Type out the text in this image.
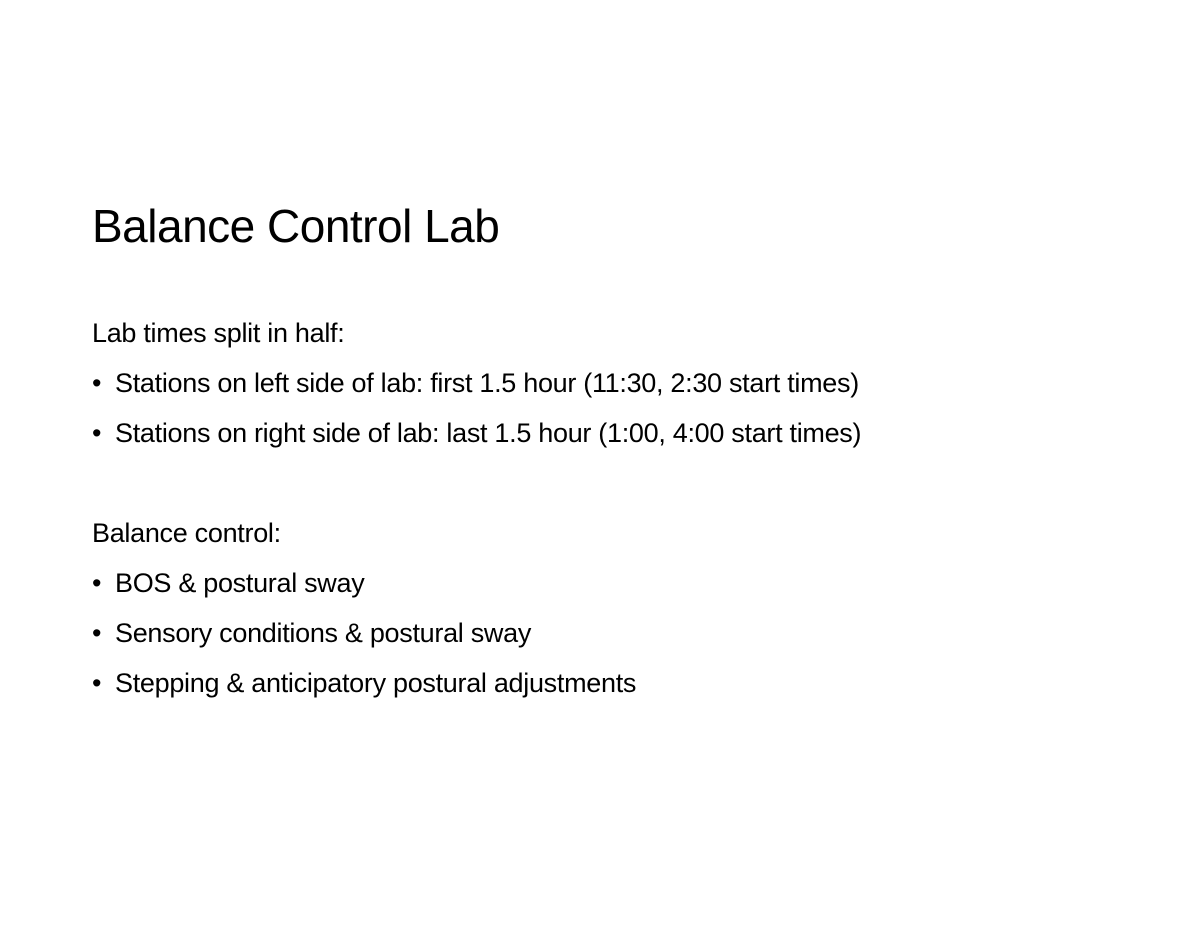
Balance Control Lab
Lab times split in half:
• Stations on left side of lab: first 1.5 hour (11:30, 2:30 start times)
• Stations on right side of lab: last 1.5 hour (1:00, 4:00 start times)
Balance control:
• BOS & postural sway
• Sensory conditions & postural sway
• Stepping & anticipatory postural adjustments
